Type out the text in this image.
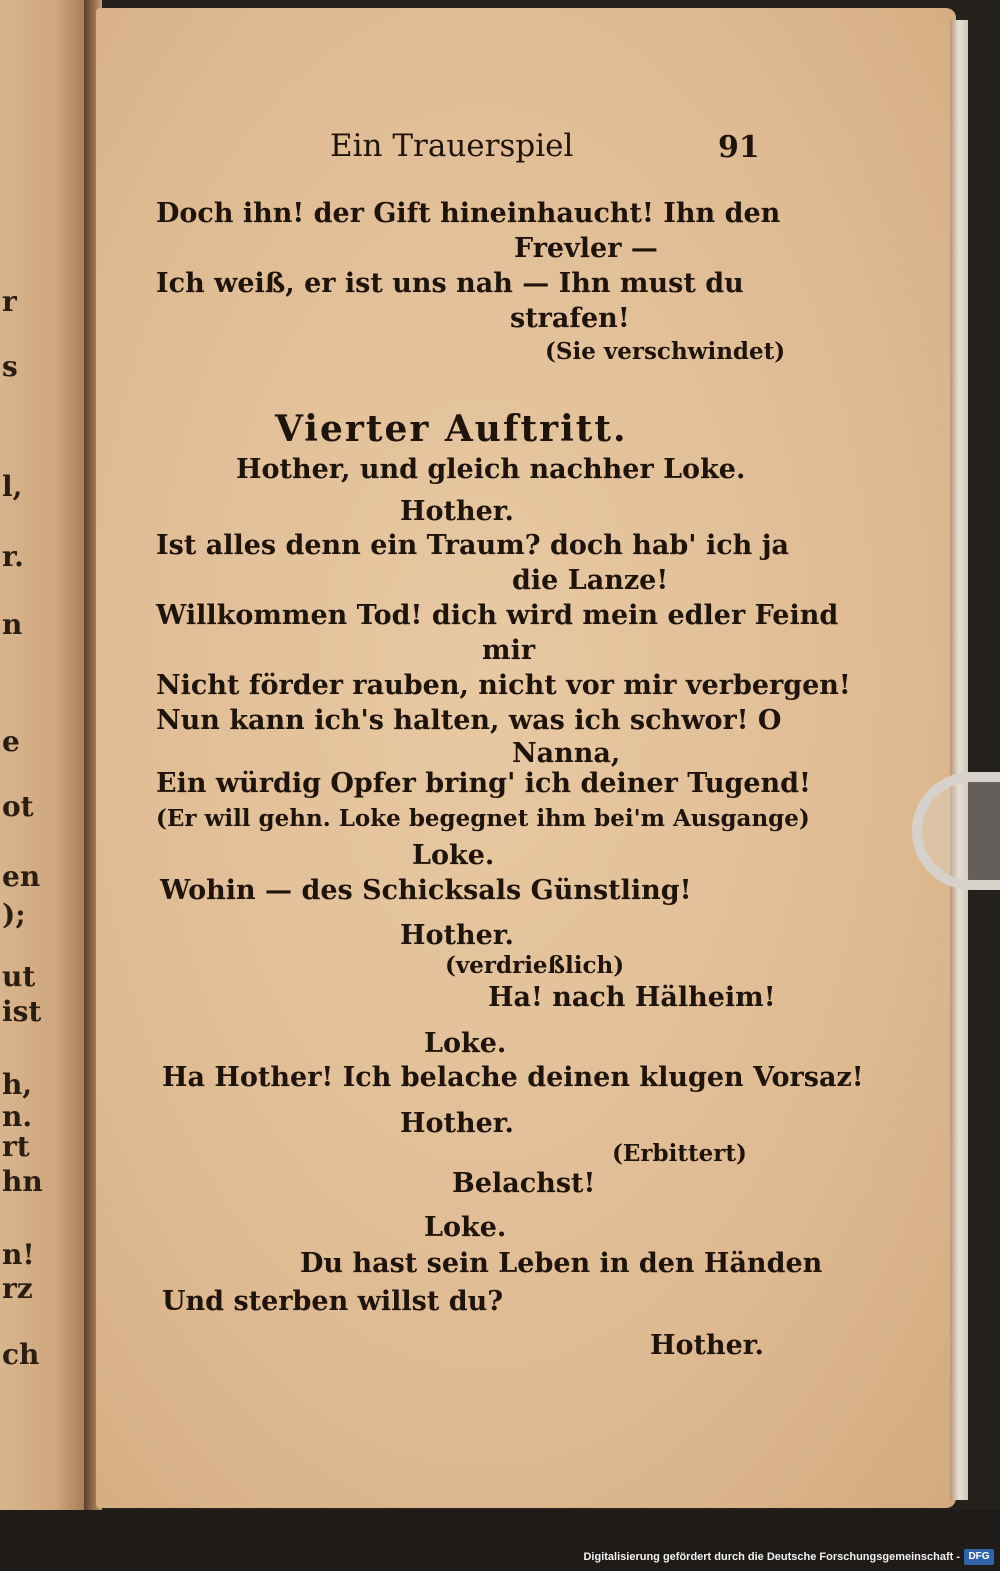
r
s
l,
r.
n
e
ot
en
);
ut
ist
h,
n.
rt
hn
n!
rz
ch
Ein Trauerspiel	91
Doch ihn! der Gift hineinhaucht! Ihn den
Frevler —
Ich weiß, er ist uns nah — Ihn must du
strafen!
(Sie verschwindet)
Vierter Auftritt.
Hother, und gleich nachher Loke.
Hother.
Ist alles denn ein Traum? doch hab' ich ja
die Lanze!
Willkommen Tod! dich wird mein edler Feind
mir
Nicht förder rauben, nicht vor mir verbergen!
Nun kann ich's halten, was ich schwor! O
Nanna,
Ein würdig Opfer bring' ich deiner Tugend!
(Er will gehn. Loke begegnet ihm bei'm Ausgange)
Loke.
Wohin — des Schicksals Günstling!
Hother.
(verdrießlich)
Ha! nach Hälheim!
Loke.
Ha Hother! Ich belache deinen klugen Vorsaz!
Hother.
(Erbittert)
Belachst!
Loke.
Du hast sein Leben in den Händen
Und sterben willst du?
Hother.
Digitalisierung gefördert durch die Deutsche Forschungsgemeinschaft - DFG
